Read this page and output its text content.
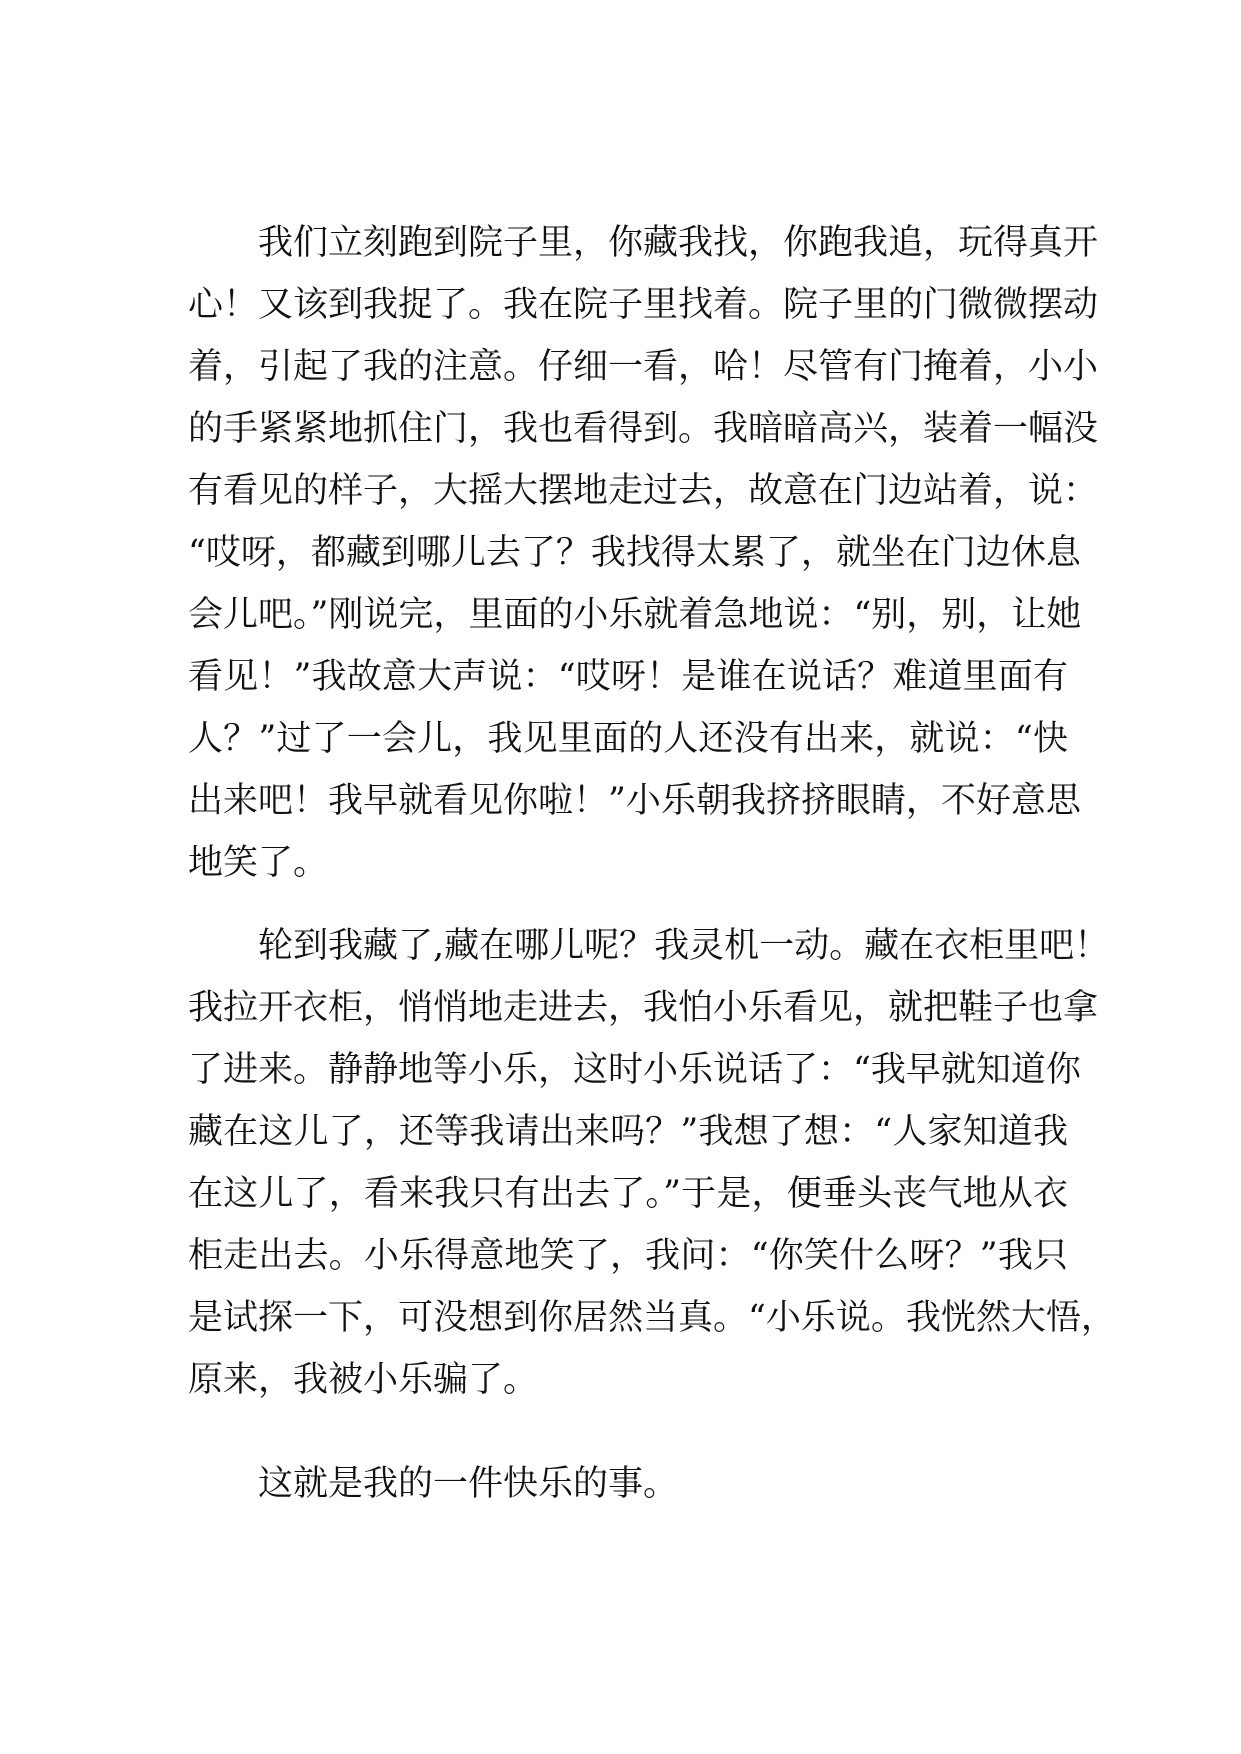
　　我们立刻跑到院子里，你藏我找，你跑我追，玩得真开
心！又该到我捉了。我在院子里找着。院子里的门微微摆动
着，引起了我的注意。仔细一看，哈！尽管有门掩着，小小
的手紧紧地抓住门，我也看得到。我暗暗高兴，装着一幅没
有看见的样子，大摇大摆地走过去，故意在门边站着，说：
“哎呀，都藏到哪儿去了？我找得太累了，就坐在门边休息
会儿吧。”刚说完，里面的小乐就着急地说：“别，别，让她
看见！”我故意大声说：“哎呀！是谁在说话？难道里面有
人？”过了一会儿，我见里面的人还没有出来，就说：“快
出来吧！我早就看见你啦！”小乐朝我挤挤眼睛，不好意思
地笑了。
　　轮到我藏了,藏在哪儿呢？我灵机一动。藏在衣柜里吧！
我拉开衣柜，悄悄地走进去，我怕小乐看见，就把鞋子也拿
了进来。静静地等小乐，这时小乐说话了：“我早就知道你
藏在这儿了，还等我请出来吗？”我想了想：“人家知道我
在这儿了，看来我只有出去了。”于是，便垂头丧气地从衣
柜走出去。小乐得意地笑了，我问：“你笑什么呀？”我只
是试探一下，可没想到你居然当真。“小乐说。我恍然大悟，
原来，我被小乐骗了。
　　这就是我的一件快乐的事。
